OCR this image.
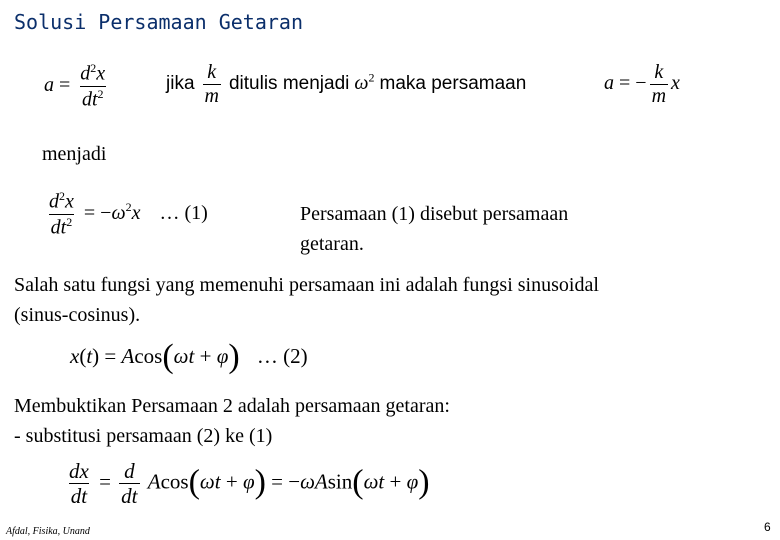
Solusi Persamaan Getaran
$a = \frac{d^2x}{dt^2}$	jika $\frac{k}{m}$ ditulis menjadi $\omega^2$ maka persamaan	a = − $\frac{k}{m}$ x
menjadi
$\frac{d^2x}{dt^2} = -\omega^2x$ … (1)	Persamaan (1) disebut persamaan
getaran.
Salah satu fungsi yang memenuhi persamaan ini adalah fungsi sinusoidal
(sinus-cosinus).
x(t) = Acos(ωt + φ) … (2)
Membuktikan Persamaan 2 adalah persamaan getaran:
- substitusi persamaan (2) ke (1)
$\frac{dx}{dt} = \frac{d}{dt} Acos(\omega t + \varphi) = -\omega Asin(\omega t + \varphi)$
Afdal, Fisika, Unand	6
